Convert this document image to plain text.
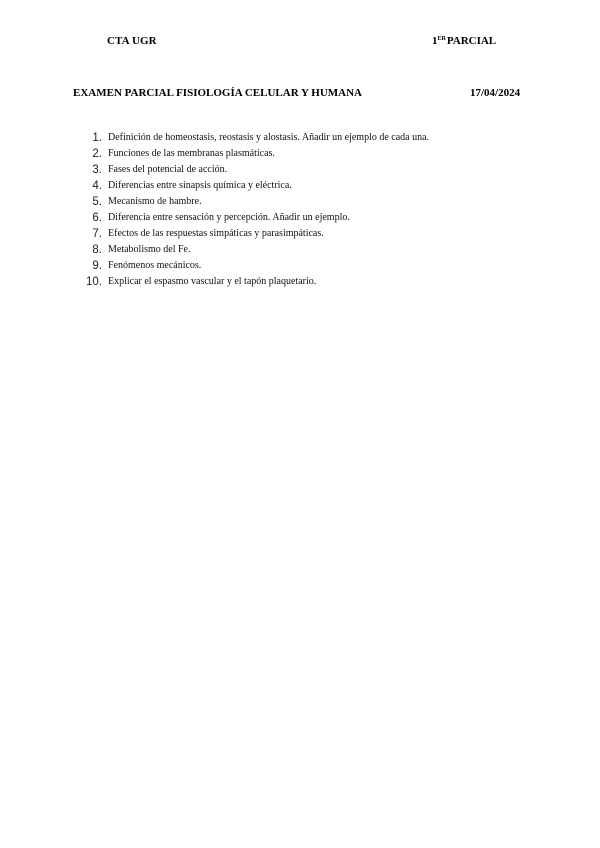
CTA UGR	1ERPARCIAL
EXAMEN PARCIAL FISIOLOGÍA CELULAR Y HUMANA	17/04/2024
1. Definición de homeostasis, reostasis y alostasis. Añadir un ejemplo de cada una.
2. Funciones de las membranas plasmáticas.
3. Fases del potencial de acción.
4. Diferencias entre sinapsis química y eléctrica.
5. Mecanismo de hambre.
6. Diferencia entre sensación y percepción. Añadir un ejemplo.
7. Efectos de las respuestas simpáticas y parasimpáticas.
8. Metabolismo del Fe.
9. Fenómenos mecánicos.
10. Explicar el espasmo vascular y el tapón plaquetario.
